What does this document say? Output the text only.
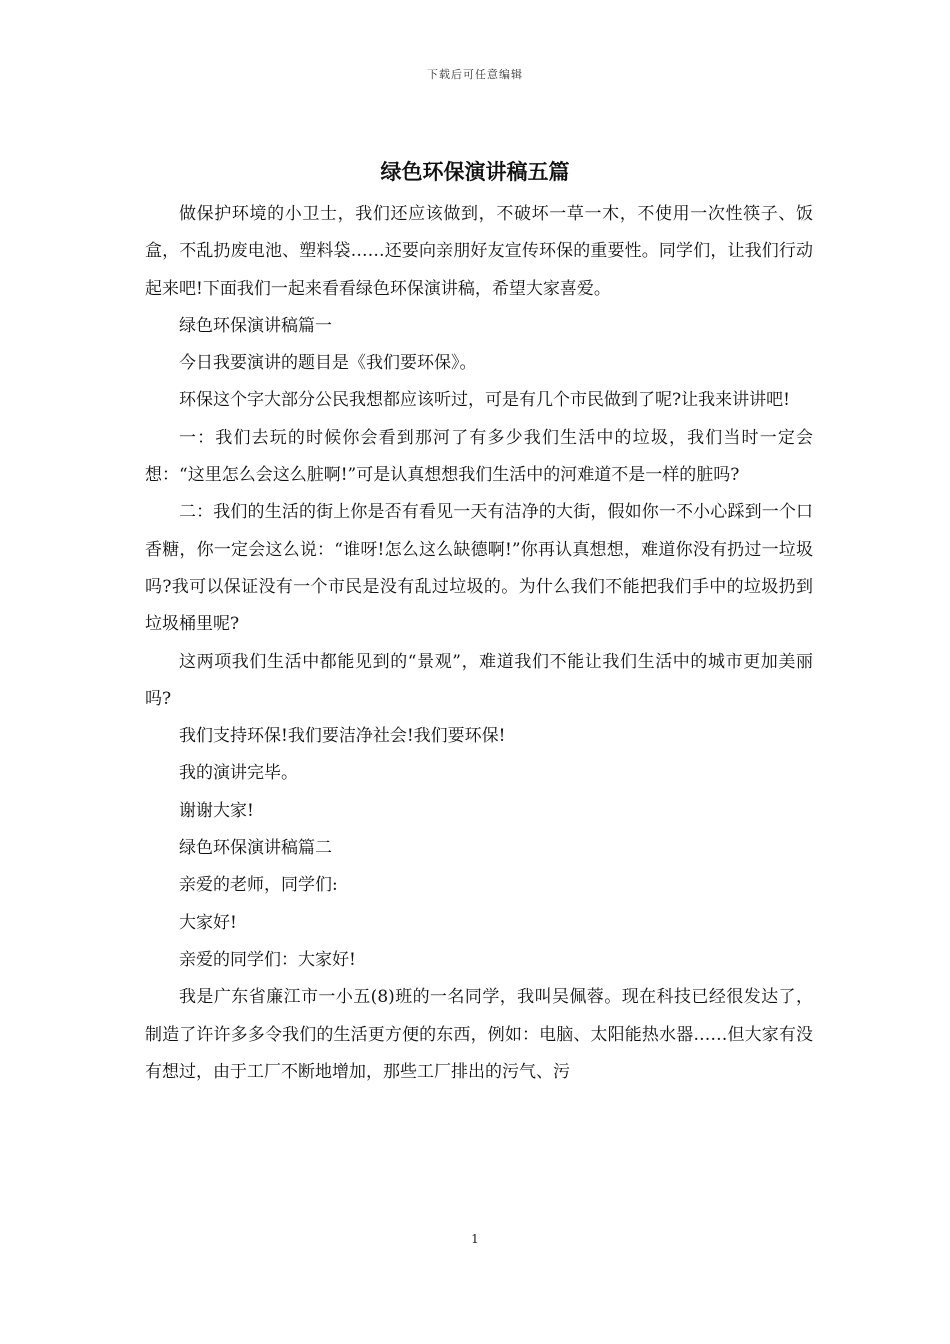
下载后可任意编辑
绿色环保演讲稿五篇

做保护环境的小卫士，我们还应该做到，不破坏一草一木，不使用一次性筷子、饭盒，不乱扔废电池、塑料袋……还要向亲朋好友宣传环保的重要性。同学们，让我们行动起来吧!下面我们一起来看看绿色环保演讲稿，希望大家喜爱。

绿色环保演讲稿篇一

今日我要演讲的题目是《我们要环保》。

环保这个字大部分公民我想都应该听过，可是有几个市民做到了呢?让我来讲讲吧!

一：我们去玩的时候你会看到那河了有多少我们生活中的垃圾，我们当时一定会想：“这里怎么会这么脏啊!”可是认真想想我们生活中的河难道不是一样的脏吗?

二：我们的生活的街上你是否有看见一天有洁净的大街，假如你一不小心踩到一个口香糖，你一定会这么说：“谁呀!怎么这么缺德啊!”你再认真想想，难道你没有扔过一垃圾吗?我可以保证没有一个市民是没有乱过垃圾的。为什么我们不能把我们手中的垃圾扔到垃圾桶里呢?

这两项我们生活中都能见到的“景观”，难道我们不能让我们生活中的城市更加美丽吗?

我们支持环保!我们要洁净社会!我们要环保!

我的演讲完毕。

谢谢大家!

绿色环保演讲稿篇二

亲爱的老师，同学们:

大家好!

亲爱的同学们：大家好!

我是广东省廉江市一小五(8)班的一名同学，我叫吴佩蓉。现在科技已经很发达了，制造了许许多多令我们的生活更方便的东西，例如：电脑、太阳能热水器……但大家有没有想过，由于工厂不断地增加，那些工厂排出的污气、污

1
